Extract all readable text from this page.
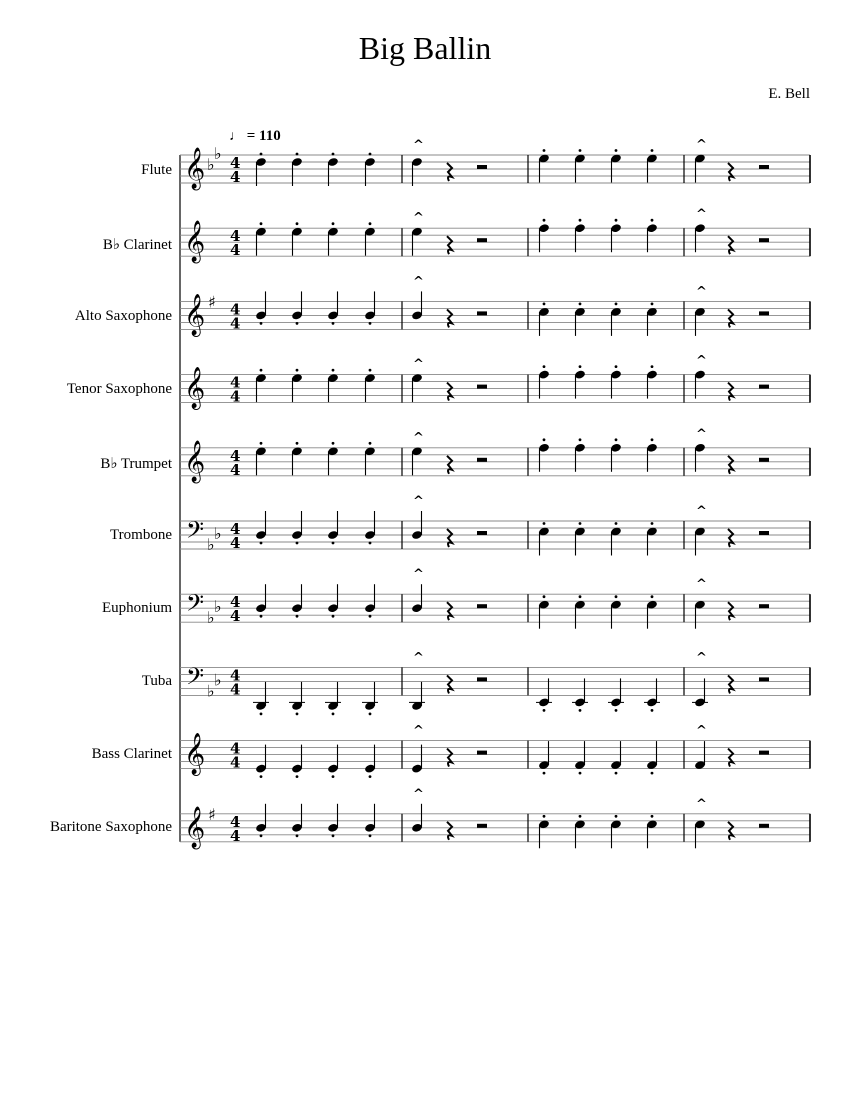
Big Ballin
E. Bell
♩ = 110
Flute
B♭ Clarinet
Alto Saxophone
Tenor Saxophone
B♭ Trumpet
Trombone
Euphonium
Tuba
Bass Clarinet
Baritone Saxophone
𝄞 ♭
♭ 4
4
^	^
𝄞 4
4
^	^
𝄞 ♯ 4
4
^
^
𝄞 4
4
^	^
𝄞 4
4
^	^
𝄢 ♭
♭ 4
4
^
^
𝄢 ♭
♭ 4
4
^
^
𝄢 ♭
♭ 4
4
^	^
𝄞 4
4
^	^
𝄞 ♯ 4
4
^
^
